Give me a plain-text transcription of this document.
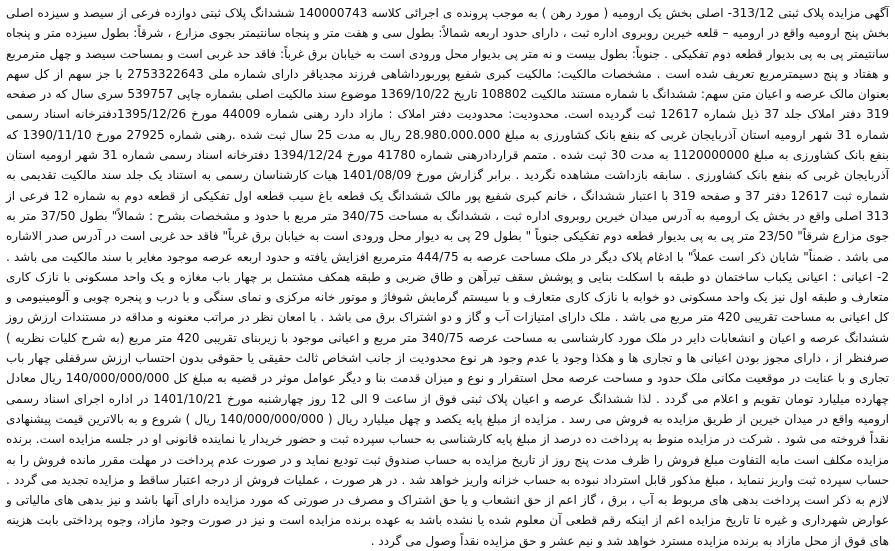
آگهی مزایده پلاک ثبتی 313/12- اصلی بخش یک ارومیه ( مورد رهن ) به موجب پرونده ی اجرائی کلاسه 140000743 ششدانگ پلاک ثبتی دوازده فرعی از سیصد و سیزده اصلی بخش پنج ارومیه واقع در ارومیه – قلعه خیرین روبروی اداره ثبت ، دارای حدود اربعه شمالاً: بطول سی و هفت متر و پنجاه سانتیمتر بجوی مزارع ، شرقاً: بطول سیزده متر و پنجاه سانتیمتر پی به پی بدیوار قطعه دوم تفکیکی . جنوباً: بطول بیست و نه متر پی بدیوار محل ورودی است به خیابان برق غرباً: فاقد حد غربی است و بمساحت سیصد و چهل مترمربع و هفتاد و پنج دسیمترمربع تعریف شده است . مشخصات مالکیت: مالکیت کبری شفیع پوربورداشاهی فرزند مجدیاقر دارای شماره ملی 2753322643 با جز سهم از کل سهم بعنوان مالک عرصه و اعیان متن سهم: ششدانگ با شماره مستند مالکیت 108802 تاریخ 1369/10/22 موضوع سند مالکیت اصلی بشماره چاپی 539757 سری سال که در صفحه 319 دفتر املاک جلد 37 ذیل شماره 12617 ثبت گردیده است. محدودیت: محدودیت دفتر املاک : مازاد دارد رهنی شماره 44009 مورخ 1395/12/26دفترخانه اسناد رسمی شماره 31 شهر ارومیه استان آذربایجان غربی که بنفع بانک کشاورزی به مبلغ 28.980.000.000 ریال به مدت 25 سال ثبت شده .رهنی شماره 27925 مورخ 1390/11/10 که بنفع بانک کشاورزی به مبلغ 1120000000 به مدت 30 ثبت شده . متمم قراردادرهنی شماره 41780 مورخ 1394/12/24 دفترخانه اسناد رسمی شماره 31 شهر ارومیه استان آذربایجان غربی که بنفع بانک کشاورزی . سابقه بازداشت مشاهده نگردید . برابر گزارش مورخ 1401/08/09 هیات کارشناسان رسمی به استناد یک جلد سند مالکیت تقدیمی به شماره ثبت 12617 دفتر 37 و صفحه 319 با اعتبار ششدانگ ، خانم کبری شفیع پور مالک ششدانگ یک قطعه باغ سیب قطعه اول تفکیکی از قطعه دوم به شماره 12 فرعی از 313 اصلی واقع در بخش یک ارومیه به آدرس میدان خیرین روبروی اداره ثبت ، ششدانگ به مساحت 340/75 متر مربع با حدود و مشخصات بشرح : شمالاً" بطول 37/50 متر به جوی مزارع شرقاً" 23/50 متر پی به پی بدیوار قطعه دوم تفکیکی جنوباً " بطول 29 پی به دیوار محل ورودی است به خیابان برق غرباً" فاقد حد غربی است در آدرس صدر الاشاره می باشد . ضمناً" شایان ذکر است عملاً" با ادغام پلاک دیگر در ملک مساحت عرصه به 444/75 مترمربع افزایش یافته و حدود اربعه عرصه موجود مغایر با سند مالکیت می باشد . 2- اعیانی : اعیانی یکباب ساختمان دو طبقه با اسکلت بنایی و پوشش سقف تیرآهن و طاق ضربی و طبقه همکف مشتمل بر چهار باب مغازه و یک واحد مسکونی با نازک کاری متعارف و طبقه اول نیز یک واحد مسکونی دو خوابه با نازک کاری متعارف و با سیستم گرمایش شوفاژ و موتور خانه مرکزی و نمای سنگی و با درب و پنجره چوبی و آلومینیومی و کل اعیانی به مساحت تقریبی 420 متر مربع می باشد . ملک دارای امتیازات آب و گاز و دو اشتراک برق می باشد . با امعان نظر در مراتب معنونه و مداقه در مستندات ارزش روز ششدانگ عرصه و اعیان و انشعابات دایر در ملک مورد کارشناسی به مساحت عرصه 340/75 متر مربع و اعیانی موجود با زیربنای تقریبی 420 متر مربع (به شرح کلیات نظریه ) صرفنظر از ، دارای مجوز بودن اعیانی ها و تجاری ها و هکذا وجود یا عدم وجود هر نوع محدودیت از جانب اشخاص ثالث حقیقی یا حقوقی بدون احتساب ارزش سرقفلی چهار باب تجاری و با عنایت در موقعیت مکانی ملک حدود و مساحت عرصه محل استقرار و نوع و میزان قدمت بنا و دیگر عوامل موثر در قضیه به مبلغ کل 140/000/000/000 ریال معادل چهارده میلیارد تومان تقویم و اعلام می گردد . لذا ششدانگ عرصه و اعیان پلاک ثبتی فوق از ساعت 9 الی 12 روز چهارشنبه مورخ 1401/10/21 در اداره اجرای اسناد رسمی ارومیه واقع در میدان خیرین از طریق مزایده به فروش می رسد . مزایده از مبلغ پایه یکصد و چهل میلیارد ریال ( 140/000/000/000 ریال ) شروع و به بالاترین قیمت پیشنهادی نقداً فروخته می شود . شرکت در مزایده منوط به پرداخت ده درصد از مبلغ پایه کارشناسی به حساب سپرده ثبت و حضور خریدار یا نماینده قانونی او در جلسه مزایده است. برنده مزایده مکلف است مابه التفاوت مبلغ فروش را ظرف مدت پنج روز از تاریخ مزایده به حساب صندوق ثبت تودیع نماید و در صورت عدم پرداخت در مهلت مقرر مانده فروش را به حساب سپرده ثبت واریز ننماید ، مبلغ مذکور قابل استرداد نبوده به حساب خزانه واریز خواهد شد . در هر صورت ، عملیات فروش از درجه اعتبار ساقط و مزایده تجدید می گردد . لازم به ذکر است پرداخت بدهی های مربوط به آب ، برق ، گاز اعم از حق انشعاب و یا حق اشتراک و مصرف در صورتی که مورد مزایده دارای آنها باشد و نیز بدهی های مالیاتی و عوارض شهرداری و غیره تا تاریخ مزایده اعم از اینکه رقم قطعی آن معلوم شده یا نشده باشد به عهده برنده مزایده است و نیز در صورت وجود مازاد، وجوه پرداختی بابت هزینه های فوق از محل مازاد به برنده مزایده مسترد خواهد شد و نیم عشر و حق مزایده نقداً وصول می گردد .
